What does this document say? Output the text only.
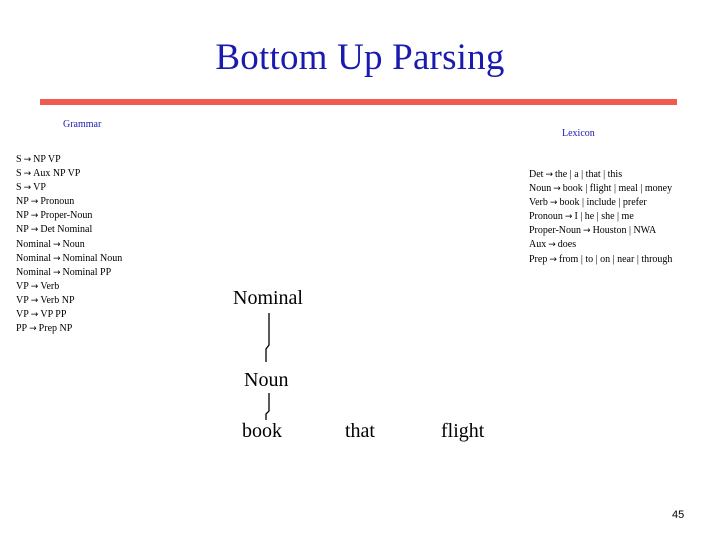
Bottom Up Parsing
Grammar
S → NP VP
S → Aux NP VP
S → VP
NP → Pronoun
NP → Proper-Noun
NP → Det Nominal
Nominal → Noun
Nominal → Nominal Noun
Nominal → Nominal PP
VP → Verb
VP → Verb NP
VP → VP PP
PP → Prep NP
Lexicon
Det → the | a | that | this
Noun → book | flight | meal | money
Verb → book | include | prefer
Pronoun → I | he | she | me
Proper-Noun → Houston | NWA
Aux → does
Prep → from | to | on | near | through
Nominal
Noun
book	that	flight
45
